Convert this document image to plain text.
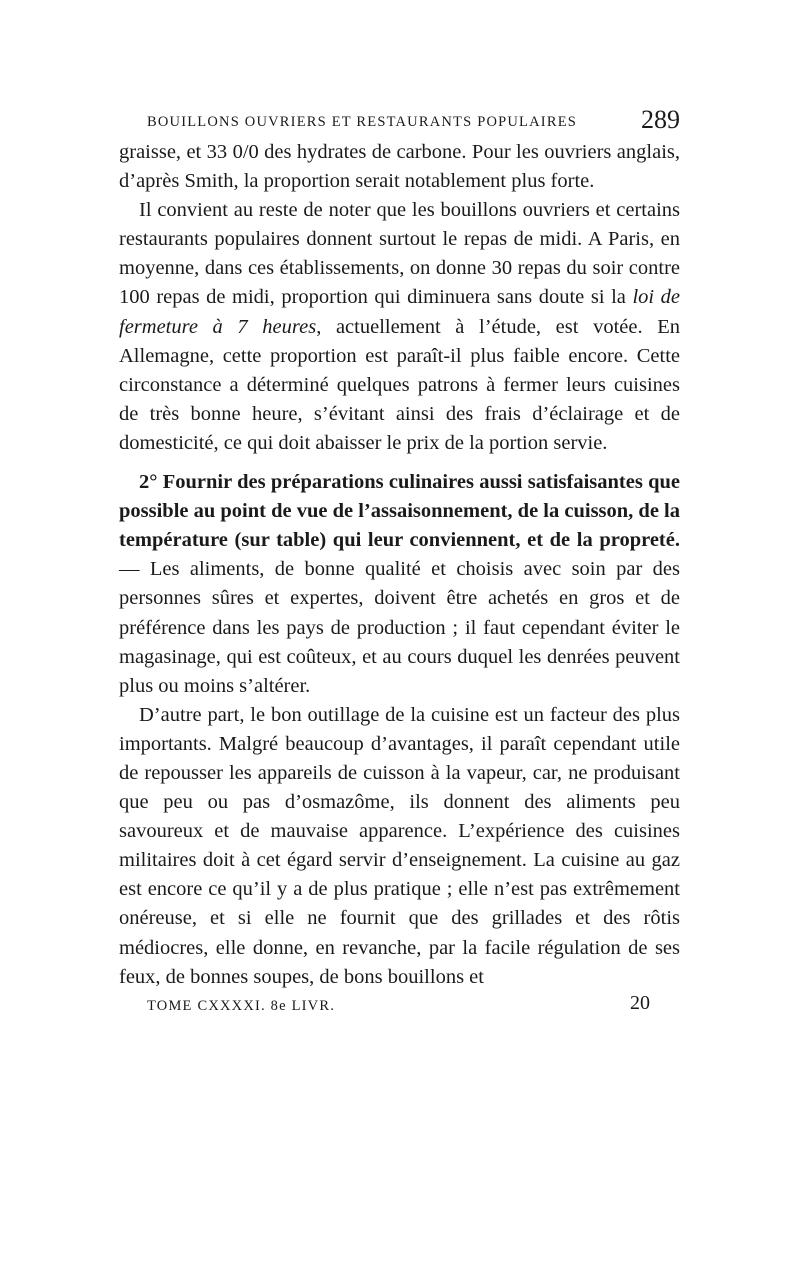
BOUILLONS OUVRIERS ET RESTAURANTS POPULAIRES 289

graisse, et 33 0/0 des hydrates de carbone. Pour les ouvriers anglais, d’après Smith, la proportion serait notablement plus forte.

Il convient au reste de noter que les bouillons ouvriers et certains restaurants populaires donnent surtout le repas de midi. A Paris, en moyenne, dans ces établissements, on donne 30 repas du soir contre 100 repas de midi, proportion qui diminuera sans doute si la loi de fermeture à 7 heures, actuellement à l’étude, est votée. En Allemagne, cette proportion est paraît-il plus faible encore. Cette circonstance a déterminé quelques patrons à fermer leurs cuisines de très bonne heure, s’évitant ainsi des frais d’éclairage et de domesticité, ce qui doit abaisser le prix de la portion servie.

2° Fournir des préparations culinaires aussi satisfaisantes que possible au point de vue de l’assaisonnement, de la cuisson, de la température (sur table) qui leur conviennent, et de la propreté. — Les aliments, de bonne qualité et choisis avec soin par des personnes sûres et expertes, doivent être achetés en gros et de préférence dans les pays de production ; il faut cependant éviter le magasinage, qui est coûteux, et au cours duquel les denrées peuvent plus ou moins s’altérer.

D’autre part, le bon outillage de la cuisine est un facteur des plus importants. Malgré beaucoup d’avantages, il paraît cependant utile de repousser les appareils de cuisson à la vapeur, car, ne produisant que peu ou pas d’osmazôme, ils donnent des aliments peu savoureux et de mauvaise apparence. L’expérience des cuisines militaires doit à cet égard servir d’enseignement. La cuisine au gaz est encore ce qu’il y a de plus pratique ; elle n’est pas extrêmement onéreuse, et si elle ne fournit que des grillades et des rôtis médiocres, elle donne, en revanche, par la facile régulation de ses feux, de bonnes soupes, de bons bouillons et

TOME CXXXXI. 8e LIVR.	20
